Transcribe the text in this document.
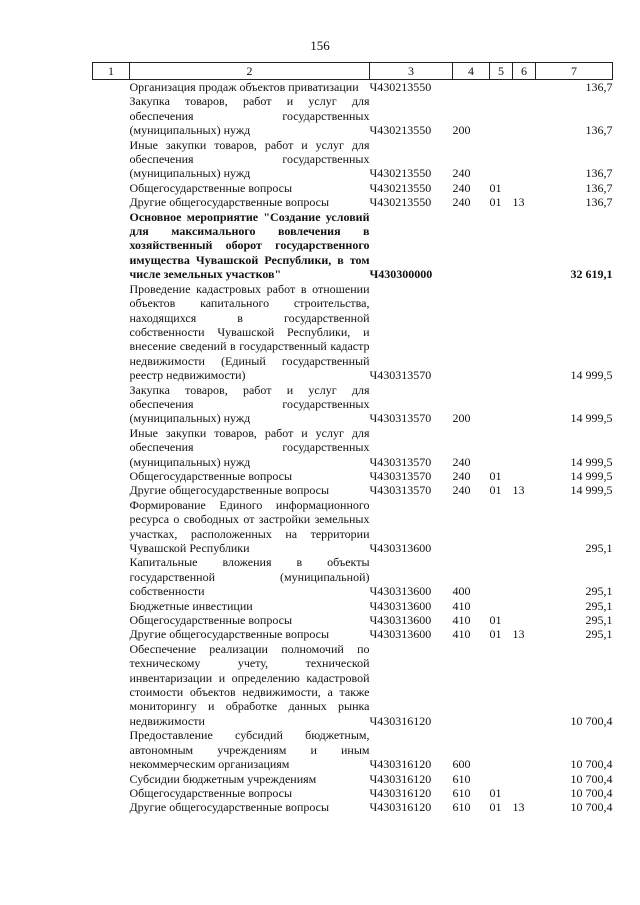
156
1	2	3	4	5	6	7
	Организация продаж объектов приватизации	Ч430213550				136,7
	Закупка товаров, работ и услуг для обеспечения государственных (муниципальных) нужд	Ч430213550	200			136,7
	Иные закупки товаров, работ и услуг для обеспечения государственных (муниципальных) нужд	Ч430213550	240			136,7
	Общегосударственные вопросы	Ч430213550	240	01		136,7
	Другие общегосударственные вопросы	Ч430213550	240	01	13	136,7
	Основное мероприятие "Создание условий для максимального вовлечения в хозяйственный оборот государственного имущества Чувашской Республики, в том числе земельных участков"	Ч430300000				32 619,1
	Проведение кадастровых работ в отношении объектов капитального строительства, находящихся в государственной собственности Чувашской Республики, и внесение сведений в государственный кадастр недвижимости (Единый государственный реестр недвижимости)	Ч430313570				14 999,5
	Закупка товаров, работ и услуг для обеспечения государственных (муниципальных) нужд	Ч430313570	200			14 999,5
	Иные закупки товаров, работ и услуг для обеспечения государственных (муниципальных) нужд	Ч430313570	240			14 999,5
	Общегосударственные вопросы	Ч430313570	240	01		14 999,5
	Другие общегосударственные вопросы	Ч430313570	240	01	13	14 999,5
	Формирование Единого информационного ресурса о свободных от застройки земельных участках, расположенных на территории Чувашской Республики	Ч430313600				295,1
	Капитальные вложения в объекты государственной (муниципальной) собственности	Ч430313600	400			295,1
	Бюджетные инвестиции	Ч430313600	410			295,1
	Общегосударственные вопросы	Ч430313600	410	01		295,1
	Другие общегосударственные вопросы	Ч430313600	410	01	13	295,1
	Обеспечение реализации полномочий по техническому учету, технической инвентаризации и определению кадастровой стоимости объектов недвижимости, а также мониторингу и обработке данных рынка недвижимости	Ч430316120				10 700,4
	Предоставление субсидий бюджетным, автономным учреждениям и иным некоммерческим организациям	Ч430316120	600			10 700,4
	Субсидии бюджетным учреждениям	Ч430316120	610			10 700,4
	Общегосударственные вопросы	Ч430316120	610	01		10 700,4
	Другие общегосударственные вопросы	Ч430316120	610	01	13	10 700,4
